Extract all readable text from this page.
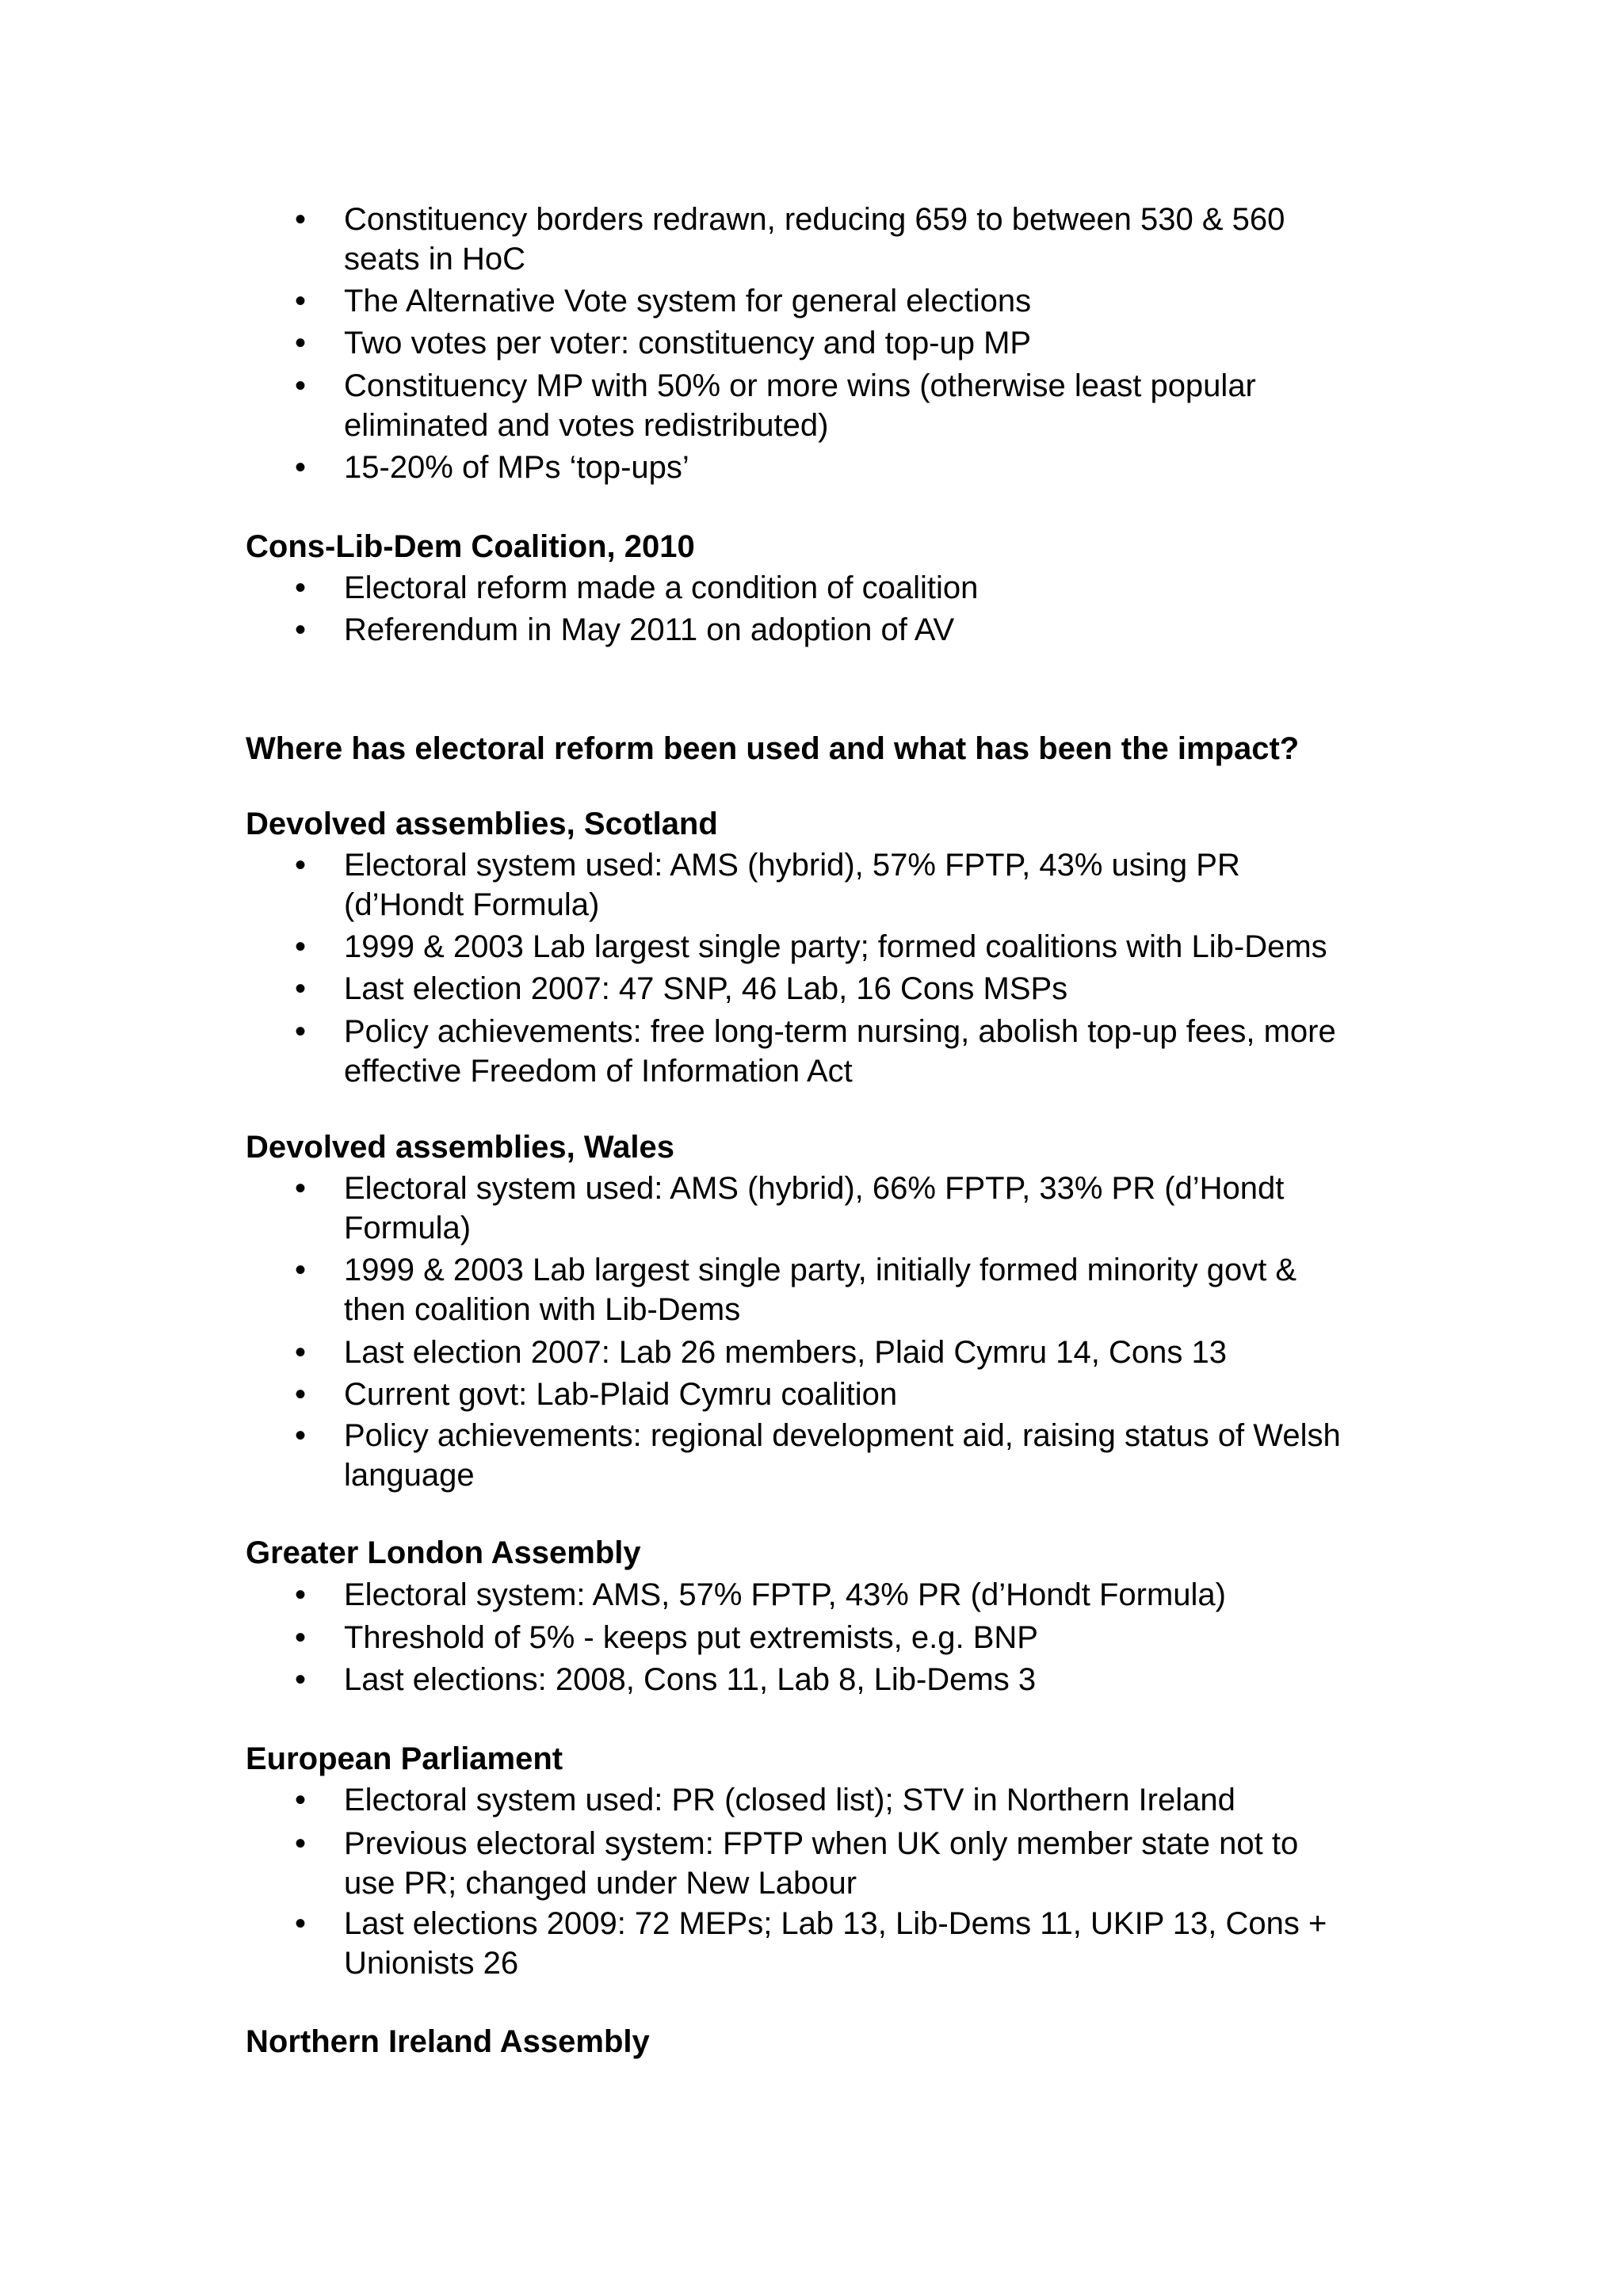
• Constituency borders redrawn, reducing 659 to between 530 & 560
seats in HoC
• The Alternative Vote system for general elections
• Two votes per voter: constituency and top-up MP
• Constituency MP with 50% or more wins (otherwise least popular
eliminated and votes redistributed)
• 15-20% of MPs ‘top-ups’
Cons-Lib-Dem Coalition, 2010
• Electoral reform made a condition of coalition
• Referendum in May 2011 on adoption of AV
Where has electoral reform been used and what has been the impact?
Devolved assemblies, Scotland
• Electoral system used: AMS (hybrid), 57% FPTP, 43% using PR
(d’Hondt Formula)
• 1999 & 2003 Lab largest single party; formed coalitions with Lib-Dems
• Last election 2007: 47 SNP, 46 Lab, 16 Cons MSPs
• Policy achievements: free long-term nursing, abolish top-up fees, more
effective Freedom of Information Act
Devolved assemblies, Wales
• Electoral system used: AMS (hybrid), 66% FPTP, 33% PR (d’Hondt
Formula)
• 1999 & 2003 Lab largest single party, initially formed minority govt &
then coalition with Lib-Dems
• Last election 2007: Lab 26 members, Plaid Cymru 14, Cons 13
• Current govt: Lab-Plaid Cymru coalition
• Policy achievements: regional development aid, raising status of Welsh
language
Greater London Assembly
• Electoral system: AMS, 57% FPTP, 43% PR (d’Hondt Formula)
• Threshold of 5% - keeps put extremists, e.g. BNP
• Last elections: 2008, Cons 11, Lab 8, Lib-Dems 3
European Parliament
• Electoral system used: PR (closed list); STV in Northern Ireland
• Previous electoral system: FPTP when UK only member state not to
use PR; changed under New Labour
• Last elections 2009: 72 MEPs; Lab 13, Lib-Dems 11, UKIP 13, Cons +
Unionists 26
Northern Ireland Assembly
